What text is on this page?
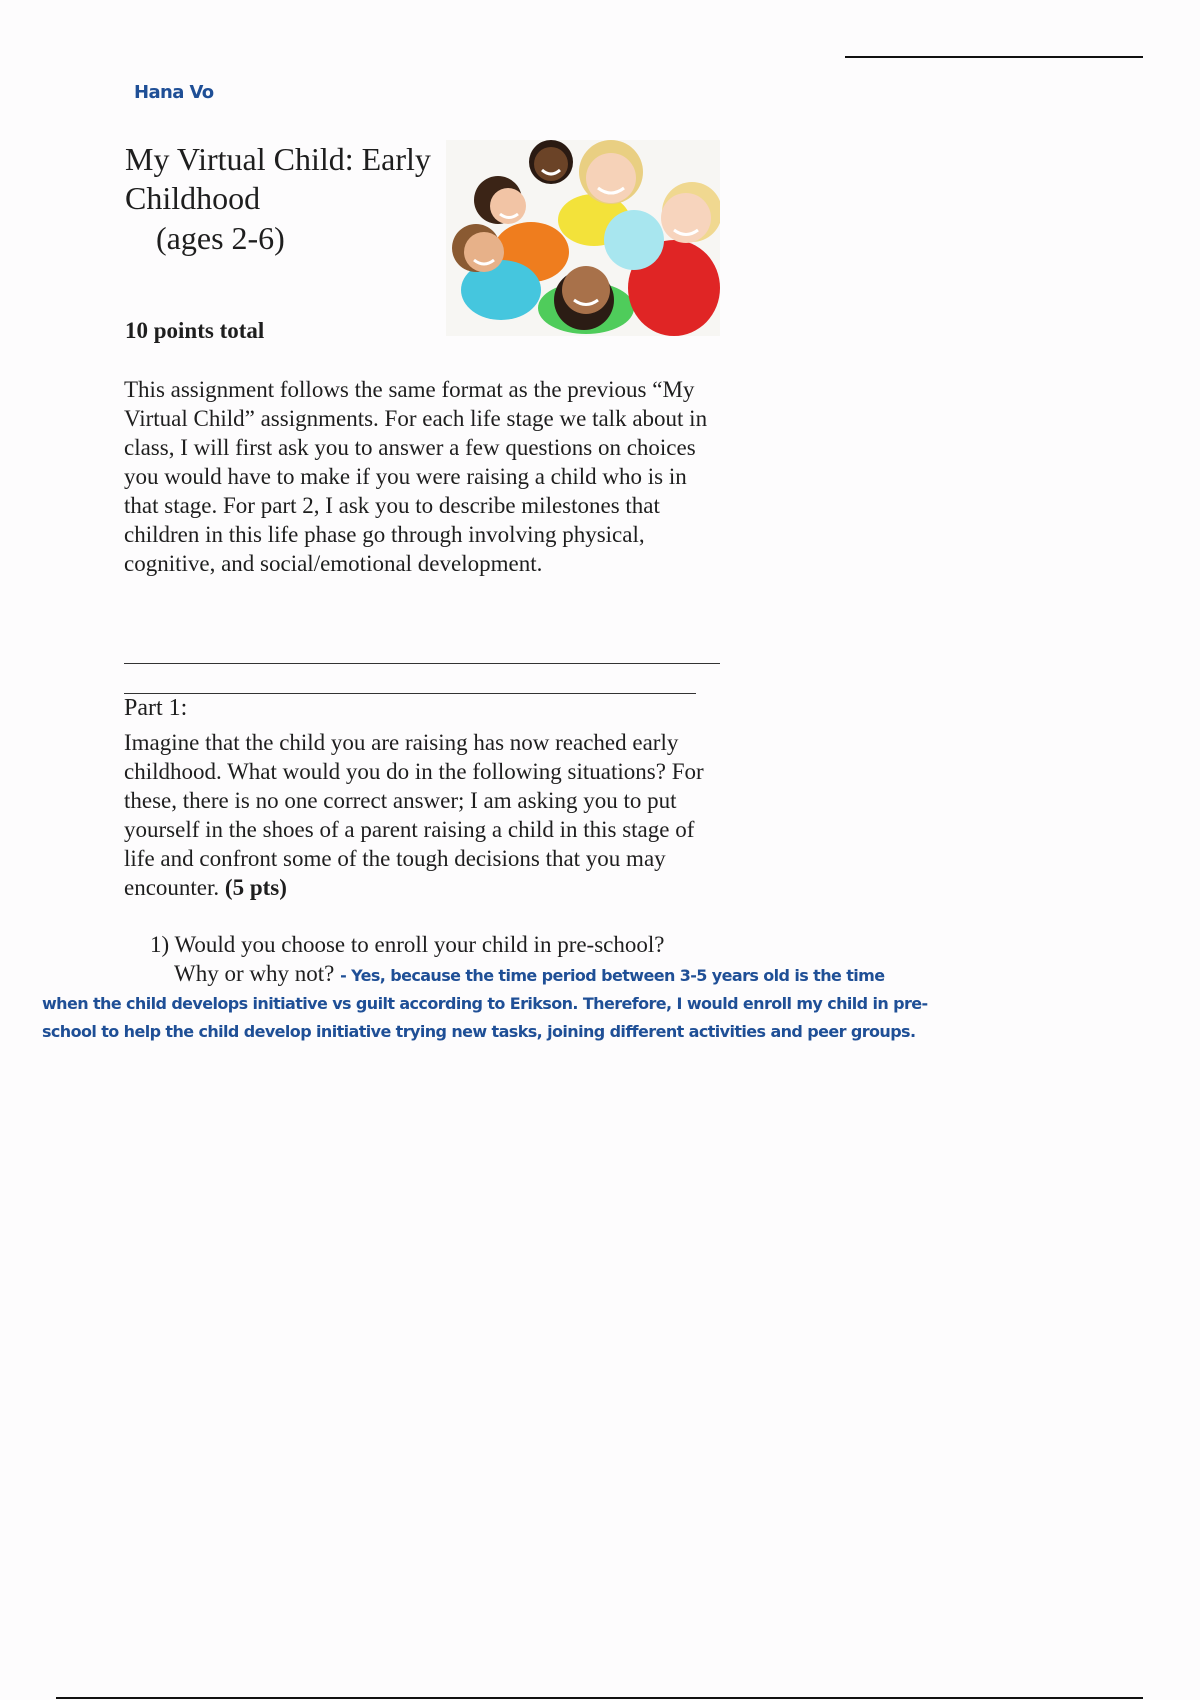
Hana Vo
My Virtual Child: Early Childhood
(ages 2-6)
10 points total

This assignment follows the same format as the previous “My Virtual Child” assignments. For each life stage we talk about in class, I will first ask you to answer a few questions on choices you would have to make if you were raising a child who is in that stage. For part 2, I ask you to describe milestones that children in this life phase go through involving physical, cognitive, and social/emotional development.

Part 1:

Imagine that the child you are raising has now reached early childhood. What would you do in the following situations? For these, there is no one correct answer; I am asking you to put yourself in the shoes of a parent raising a child in this stage of life and confront some of the tough decisions that you may encounter. (5 pts)

1) Would you choose to enroll your child in pre-school?
Why or why not? - Yes, because the time period between 3-5 years old is the time
when the child develops initiative vs guilt according to Erikson. Therefore, I would enroll my child in pre-
school to help the child develop initiative trying new tasks, joining different activities and peer groups.
